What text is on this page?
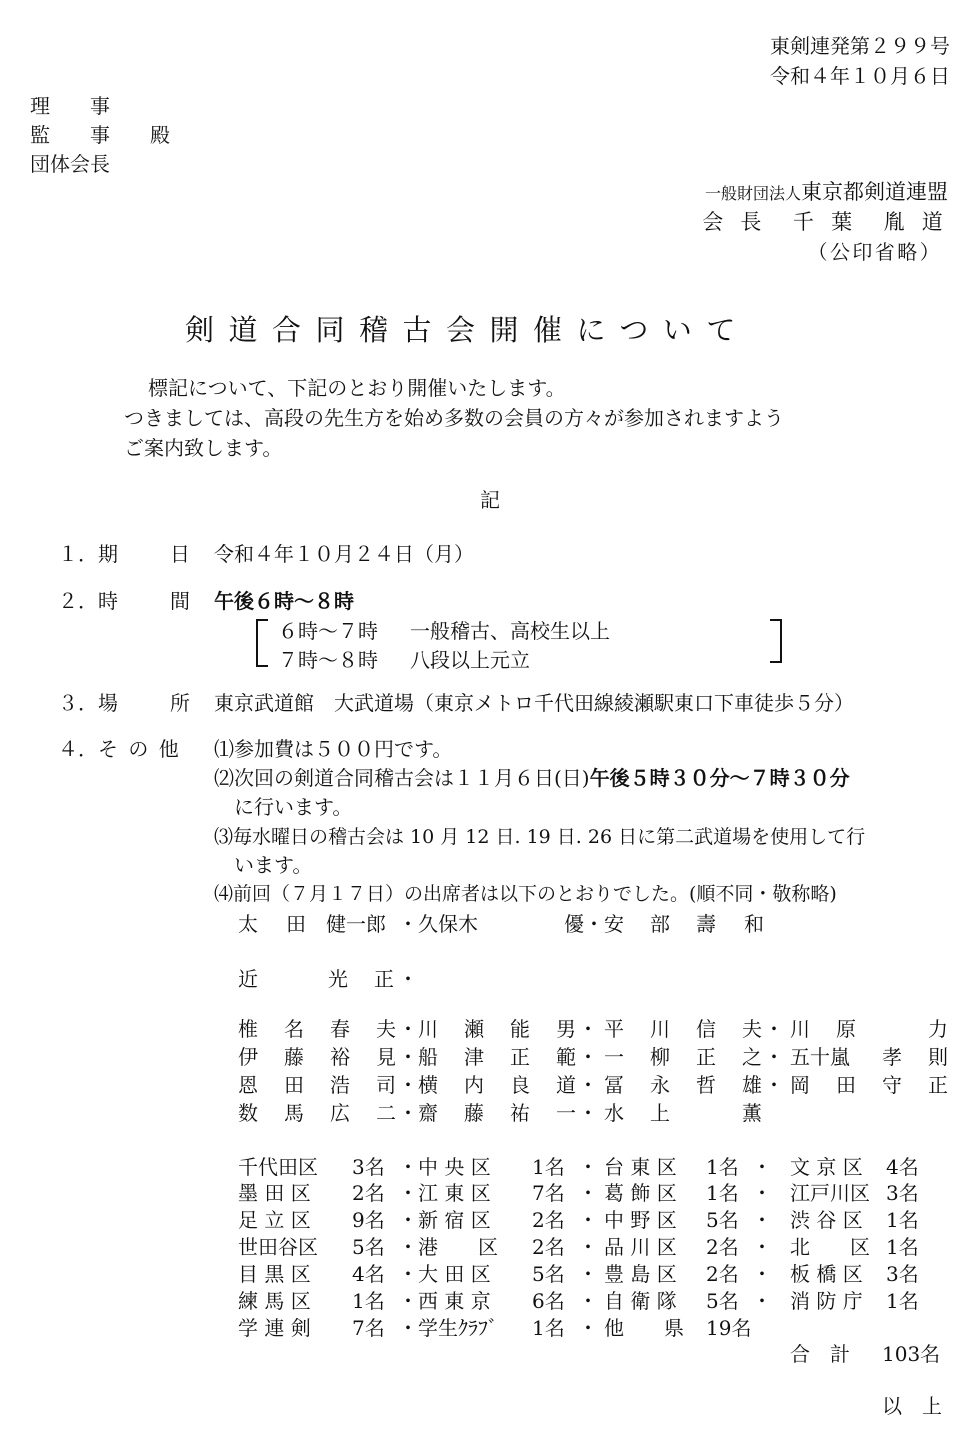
東剣連発第２９９号
令和４年１０月６日
理　　事
監　　事　　殿
団体会長
一般財団法人東京都剣道連盟
会 長　千 葉　胤 道
（公印省略）
剣道合同稽古会開催について
標記について、下記のとおり開催いたします。
つきましては、高段の先生方を始め多数の会員の方々が参加されますよう
ご案内致します。
記
１． 期	日 令和４年１０月２４日（月）
２． 時	間 午後６時～８時
６時～７時 一般稽古、高校生以上
７時～８時 八段以上元立
３． 場	所 東京武道館　大武道場（東京メトロ千代田線綾瀬駅東口下車徒歩５分）
４． そ の 他 ⑴参加費は５００円です。
⑵次回の剣道合同稽古会は１１月６日(日)午後５時３０分～７時３０分
に行います。
⑶毎水曜日の稽古会は 10 月 12 日. 19 日. 26 日に第二武道場を使用して行
います。
⑷前回（７月１７日）の出席者は以下のとおりでした。(順不同・敬称略)
太 田 健一郎 ・ 久保木	優 ・ 安 部 壽 和
近	光 正 ・
椎 名 春 夫 ・ 川 瀬 能 男 ・ 平 川 信 夫 ・ 川 原	力
伊 藤 裕 見 ・ 船 津 正 範 ・ 一 柳 正 之 ・ 五十嵐 孝 則
恩 田 浩 司 ・ 横 内 良 道 ・ 冨 永 哲 雄 ・ 岡 田 守 正
数 馬 広 二 ・ 齋 藤 祐 一 ・ 水 上	薫
千代田区 3名 ・ 中 央 区 1名 ・ 台 東 区 1名 ・ 文 京 区 4名
墨 田 区 2名 ・ 江 東 区 7名 ・ 葛 飾 区 1名 ・ 江戸川区 3名
足 立 区 9名 ・ 新 宿 区 2名 ・ 中 野 区 5名 ・ 渋 谷 区 1名
世田谷区 5名 ・ 港　　区 2名 ・ 品 川 区 2名 ・ 北　　区 1名
目 黒 区 4名 ・ 大 田 区 5名 ・ 豊 島 区 2名 ・ 板 橋 区 3名
練 馬 区 1名 ・ 西 東 京 6名 ・ 自 衛 隊 5名 ・ 消 防 庁 1名
学 連 剣 7名 ・ 学生ｸﾗﾌﾞ 1名 ・ 他　　県 19名
合　計 103名
以　上
